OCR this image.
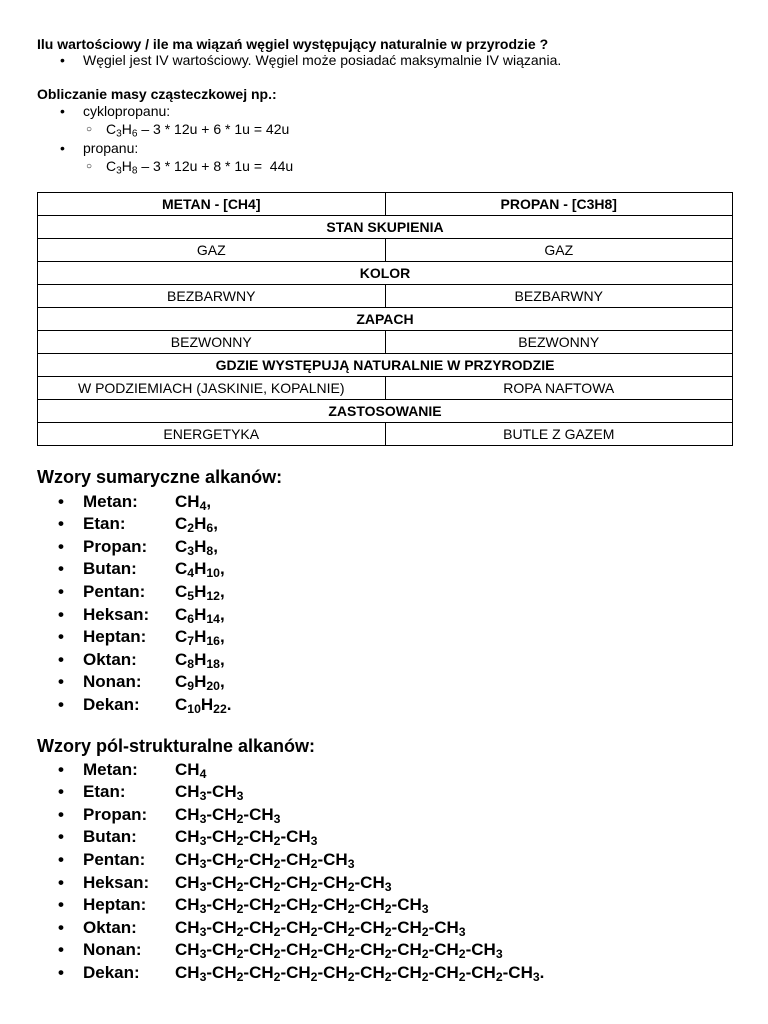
Ilu wartościowy / ile ma wiązań węgiel występujący naturalnie w przyrodzie ?
•	Węgiel jest IV wartościowy. Węgiel może posiadać maksymalnie IV wiązania.
Obliczanie masy cząsteczkowej np.:
•	cyklopropanu:
○ $C_3H_6 - 3 * 12u + 6 * 1u = 42u$
•	propanu:
○ $C_3H_8 - 3 * 12u + 8 * 1u = 44u$
METAN - [CH4]	PROPAN - [C3H8]
STAN SKUPIENIA	
GAZ	GAZ
KOLOR	
BEZBARWNY	BEZBARWNY
ZAPACH	
BEZWONNY	BEZWONNY
GDZIE WYSTĘPUJĄ NATURALNIE W PRZYRODZIE	
W PODZIEMIACH (JASKINIE, KOPALNIE)	ROPA NAFTOWA
ZASTOSOWANIE	
ENERGETYKA	BUTLE Z GAZEM
Wzory sumaryczne alkanów:
•	Metan:	$CH_4$,
•	Etan:	$C_2H_6$,
•	Propan:	$C_3H_8$,
•	Butan:	$C_4H_{10}$,
•	Pentan:	$C_5H_{12}$,
•	Heksan:	$C_6H_{14}$,
•	Heptan:	$C_7H_{16}$,
•	Oktan:	$C_8H_{18}$,
•	Nonan:	$C_9H_{20}$,
•	Dekan:	$C_{10}H_{22}$.
Wzory pól-strukturalne alkanów:
•	Metan:	$CH_4$
•	Etan:	$CH_3-CH_3$
•	Propan:	$CH_3-CH_2-CH_3$
•	Butan:	$CH_3-CH_2-CH_2-CH_3$
•	Pentan:	$CH_3-CH_2-CH_2-CH_2-CH_3$
•	Heksan:	$CH_3-CH_2-CH_2-CH_2-CH_2-CH_3$
•	Heptan:	$CH_3-CH_2-CH_2-CH_2-CH_2-CH_2-CH_3$
•	Oktan:	$CH_3-CH_2-CH_2-CH_2-CH_2-CH_2-CH_2-CH_3$
•	Nonan:	$CH_3-CH_2-CH_2-CH_2-CH_2-CH_2-CH_2-CH_2-CH_3$
•	Dekan:	$CH_3-CH_2-CH_2-CH_2-CH_2-CH_2-CH_2-CH_2-CH_2-CH_3$.
